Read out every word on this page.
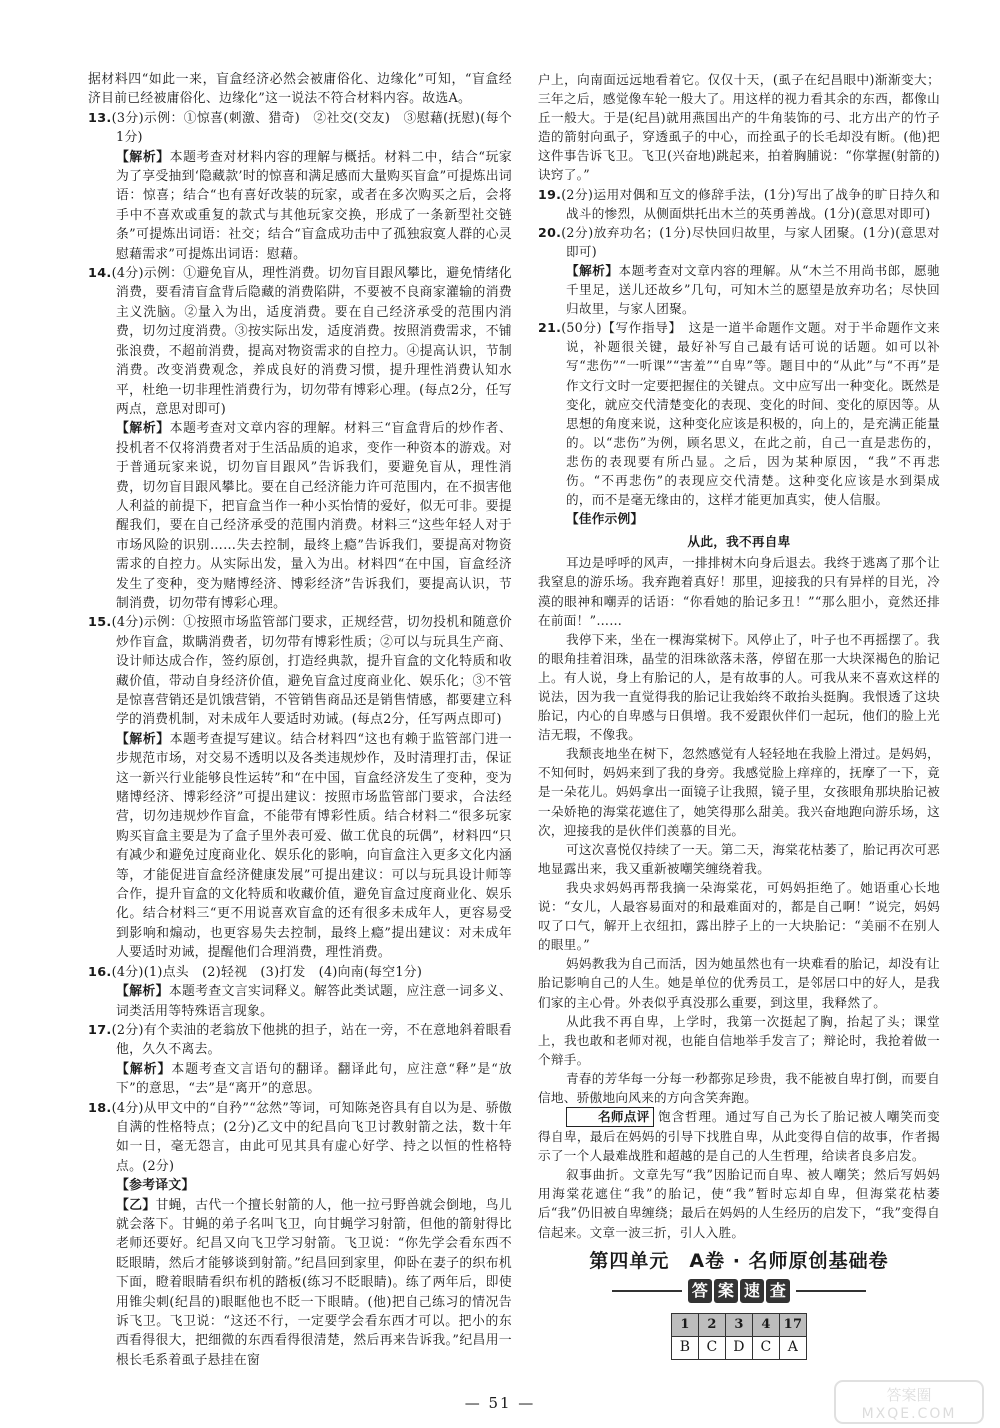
据材料四“如此一来，盲盒经济必然会被庸俗化、边缘化”可知，“盲盒经济目前已经被庸俗化、边缘化”这一说法不符合材料内容。故选A。

13.(3分)示例：①惊喜(刺激、猎奇)　②社交(交友)　③慰藉(抚慰)(每个1分)

【解析】本题考查对材料内容的理解与概括。材料二中，结合“玩家为了享受抽到‘隐藏款’时的惊喜和满足感而大量购买盲盒”可提炼出词语：惊喜；结合“也有喜好改装的玩家，或者在多次购买之后，会将手中不喜欢或重复的款式与其他玩家交换，形成了一条新型社交链条”可提炼出词语：社交；结合“盲盒成功击中了孤独寂寞人群的心灵慰藉需求”可提炼出词语：慰藉。

14.(4分)示例：①避免盲从，理性消费。切勿盲目跟风攀比，避免情绪化消费，要看清盲盒背后隐藏的消费陷阱，不要被不良商家灌输的消费主义洗脑。②量入为出，适度消费。要在自己经济承受的范围内消费，切勿过度消费。③按实际出发，适度消费。按照消费需求，不铺张浪费，不超前消费，提高对物资需求的自控力。④提高认识，节制消费。改变消费观念，养成良好的消费习惯，提升理性消费认知水平，杜绝一切非理性消费行为，切勿带有博彩心理。(每点2分，任写两点，意思对即可)

【解析】本题考查对文章内容的理解。材料三“盲盒背后的炒作者、投机者不仅将消费者对于生活品质的追求，变作一种资本的游戏。对于普通玩家来说，切勿盲目跟风”告诉我们，要避免盲从，理性消费，切勿盲目跟风攀比。要在自己经济能力许可范围内，在不损害他人利益的前提下，把盲盒当作一种小买怡情的爱好，似无可非。要提醒我们，要在自己经济承受的范围内消费。材料三“这些年轻人对于市场风险的识别……失去控制，最终上瘾”告诉我们，要提高对物资需求的自控力。从实际出发，量入为出。材料四“在中国，盲盒经济发生了变种，变为赌博经济、博彩经济”告诉我们，要提高认识，节制消费，切勿带有博彩心理。

15.(4分)示例：①按照市场监管部门要求，正规经营，切勿投机和随意价炒作盲盒，欺瞒消费者，切勿带有博彩性质；②可以与玩具生产商、设计师达成合作，签约原创，打造经典款，提升盲盒的文化特质和收藏价值，带动自身经济价值，避免盲盒过度商业化、娱乐化；③不管是惊喜营销还是饥饿营销，不管销售商品还是销售情感，都要建立科学的消费机制，对未成年人要适时劝诫。(每点2分，任写两点即可)

【解析】本题考查提写建议。结合材料四“这也有赖于监管部门进一步规范市场，对交易不透明以及各类违规炒作，及时清理打击，保证这一新兴行业能够良性运转”和“在中国，盲盒经济发生了变种，变为赌博经济、博彩经济”可提出建议：按照市场监管部门要求，合法经营，切勿违规炒作盲盒，不能带有博彩性质。结合材料二“很多玩家购买盲盒主要是为了盒子里外表可爱、做工优良的玩偶”，材料四“只有减少和避免过度商业化、娱乐化的影响，向盲盒注入更多文化内涵等，才能促进盲盒经济健康发展”可提出建议：可以与玩具设计师等合作，提升盲盒的文化特质和收藏价值，避免盲盒过度商业化、娱乐化。结合材料三“更不用说喜欢盲盒的还有很多未成年人，更容易受到影响和煽动，也更容易失去控制，最终上瘾”提出建议：对未成年人要适时劝诫，提醒他们合理消费，理性消费。

16.(4分)(1)点头　(2)轻视　(3)打发　(4)向南(每空1分)

【解析】本题考查文言实词释义。解答此类试题，应注意一词多义、词类活用等特殊语言现象。

17.(2分)有个卖油的老翁放下他挑的担子，站在一旁，不在意地斜着眼看他，久久不离去。

【解析】本题考查文言语句的翻译。翻译此句，应注意“释”是“放下”的意思，“去”是“离开”的意思。

18.(4分)从甲文中的“自矜”“忿然”等词，可知陈尧咨具有自以为是、骄傲自满的性格特点；(2分)乙文中的纪昌向飞卫讨教射箭之法，数十年如一日，毫无怨言，由此可见其具有虚心好学、持之以恒的性格特点。(2分)

【参考译文】

【乙】甘蝇，古代一个擅长射箭的人，他一拉弓野兽就会倒地，鸟儿就会落下。甘蝇的弟子名叫飞卫，向甘蝇学习射箭，但他的箭射得比老师还要好。纪昌又向飞卫学习射箭。飞卫说：“你先学会看东西不眨眼睛，然后才能够谈到射箭。”纪昌回到家里，仰卧在妻子的织布机下面，瞪着眼睛看织布机的踏板(练习不眨眼睛)。练了两年后，即使用锥尖刺(纪昌的)眼眶他也不眨一下眼睛。(他)把自己练习的情况告诉飞卫。飞卫说：“这还不行，一定要学会看东西才可以。把小的东西看得很大，把细微的东西看得很清楚，然后再来告诉我。”纪昌用一根长毛系着虱子悬挂在窗

户上，向南面远远地看着它。仅仅十天，(虱子在纪昌眼中)渐渐变大；三年之后，感觉像车轮一般大了。用这样的视力看其余的东西，都像山丘一般大。于是(纪昌)就用燕国出产的牛角装饰的弓、北方出产的竹子造的箭射向虱子，穿透虱子的中心，而拴虱子的长毛却没有断。(他)把这件事告诉飞卫。飞卫(兴奋地)跳起来，拍着胸脯说：“你掌握(射箭的)诀窍了。”

19.(2分)运用对偶和互文的修辞手法，(1分)写出了战争的旷日持久和战斗的惨烈，从侧面烘托出木兰的英勇善战。(1分)(意思对即可)

20.(2分)放弃功名；(1分)尽快回归故里，与家人团聚。(1分)(意思对即可)

【解析】本题考查对文章内容的理解。从“木兰不用尚书郎，愿驰千里足，送儿还故乡”几句，可知木兰的愿望是放弃功名；尽快回归故里，与家人团聚。

21.(50分)【写作指导】　这是一道半命题作文题。对于半命题作文来说，补题很关键，最好补写自己最有话可说的话题。如可以补写“悲伤”“一听课”“害羞”“自卑”等。题目中的“从此”与“不再”是作文行文时一定要把握住的关键点。文中应写出一种变化。既然是变化，就应交代清楚变化的表现、变化的时间、变化的原因等。从思想的角度来说，这种变化应该是积极的，向上的，是充满正能量的。以“悲伤”为例，顾名思义，在此之前，自己一直是悲伤的，悲伤的表现要有所凸显。之后，因为某种原因，“我”不再悲伤。“不再悲伤”的表现应交代清楚。这种变化应该是水到渠成的，而不是毫无缘由的，这样才能更加真实，使人信服。

【佳作示例】

从此，我不再自卑

耳边是呼呼的风声，一排排树木向身后退去。我终于逃离了那个让我窒息的游乐场。我弃跑着真好！那里，迎接我的只有异样的目光，冷漠的眼神和嘲弄的话语：“你看她的胎记多丑！”“那么胆小，竟然还排在前面！”……

我停下来，坐在一棵海棠树下。风停止了，叶子也不再摇摆了。我的眼角挂着泪珠，晶莹的泪珠欲落未落，停留在那一大块深褐色的胎记上。有人说，身上有胎记的人，是有故事的人。可我从来不喜欢这样的说法，因为我一直觉得我的胎记让我始终不敢抬头挺胸。我恨透了这块胎记，内心的自卑感与日俱增。我不爱跟伙伴们一起玩，他们的脸上光洁无瑕，不像我。

我颓丧地坐在树下，忽然感觉有人轻轻地在我脸上滑过。是妈妈，不知何时，妈妈来到了我的身旁。我感觉脸上痒痒的，抚摩了一下，竟是一朵花儿。妈妈拿出一面镜子让我照，镜子里，女孩眼角那块胎记被一朵娇艳的海棠花遮住了，她笑得那么甜美。我兴奋地跑向游乐场，这次，迎接我的是伙伴们羡慕的目光。

可这次喜悦仅持续了一天。第二天，海棠花枯萎了，胎记再次可恶地显露出来，我又重新被嘲笑缠绕着我。

我央求妈妈再帮我摘一朵海棠花，可妈妈拒绝了。她语重心长地说：“女儿，人最容易面对的和最难面对的，都是自己啊！”说完，妈妈叹了口气，解开上衣纽扣，露出脖子上的一大块胎记：“美丽不在别人的眼里。”

妈妈教我为自己而活，因为她虽然也有一块难看的胎记，却没有让胎记影响自己的人生。她是单位的优秀员工，是邻居口中的好人，是我们家的主心骨。外表似乎真没那么重要，到这里，我释然了。

从此我不再自卑，上学时，我第一次挺起了胸，抬起了头；课堂上，我也敢和老师对视，也能自信地举手发言了；辩论时，我抢着做一个辩手。

青春的芳华每一分每一秒都弥足珍贵，我不能被自卑打倒，而要自信地、骄傲地向风来的方向含笑奔跑。

名师点评 饱含哲理。通过写自己为长了胎记被人嘲笑而变得自卑，最后在妈妈的引导下找胜自卑，从此变得自信的故事，作者揭示了一个人最难战胜和超越的是自己的人生哲理，给读者良多启发。

叙事曲折。文章先写“我”因胎记而自卑、被人嘲笑；然后写妈妈用海棠花遮住“我”的胎记，使“我”暂时忘却自卑，但海棠花枯萎后“我”仍旧被自卑缠绕；最后在妈妈的人生经历的启发下，“我”变得自信起来。文章一波三折，引人入胜。

第四单元　A卷 · 名师原创基础卷
答 案 速 查
1	2	3	4	17
B	C	D	C	A
— 51 —	答案圈
MXQE.COM
